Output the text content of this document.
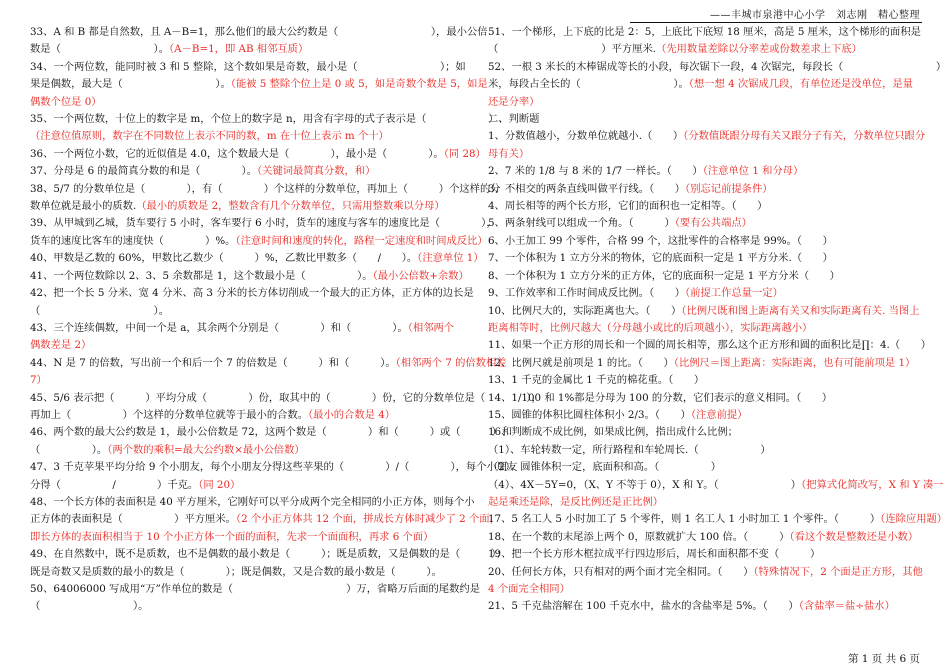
——丰城市泉港中心小学　刘志刚　精心整理
33、A 和 B 都是自然数，且 A－B=1，那么他们的最大公约数是（　　　　　　　　　），最小公倍
数是（　　　　　　　　　）。（A－B=1，即 AB 相邻互质）
34、一个两位数，能同时被 3 和 5 整除，这个数如果是奇数，最小是（　　　　　　　　）；如
果是偶数，最大是（　　　　　　　　　）。（能被 5 整除个位上是 0 或 5，如是奇数个数是 5，如是
偶数个位是 0）
35、一个两位数，十位上的数字是 m，个位上的数字是 n，用含有字母的式子表示是（　　　　　　）.
（注意位值原则，数字在不同数位上表示不同的数，m 在十位上表示 m 个十）
36、一个两位小数，它的近似值是 4.0，这个数最大是（　　　　），最小是（　　　　）。（同 28）
37、分母是 6 的最简真分数的和是（　　　　）。（关键词最简真分数，和）
38、5/7 的分数单位是（　　　　），有（　　　　）个这样的分数单位，再加上（　　　）个这样的分
数单位就是最小的质数.（最小的质数是 2，整数含有几个分数单位，只需用整数乘以分母）
39、从甲城到乙城，货车要行 5 小时，客车要行 6 小时，货车的速度与客车的速度比是（　　　　），
货车的速度比客车的速度快（　　　　）%。（注意时间和速度的转化，路程一定速度和时间成反比）
40、甲数是乙数的 60%，甲数比乙数少（　　　）%，乙数比甲数多（　　/　　）。（注意单位 1）
41、一个两位数除以 2、3、5 余数都是 1，这个数最小是（　　　　　）。（最小公倍数+余数）
42、把一个长 5 分米、宽 4 分米、高 3 分米的长方体切削成一个最大的正方体，正方体的边长是
（　　　　　　　　　　　）。
43、三个连续偶数，中间一个是 a，其余两个分别是（　　　　）和（　　　　）。（相邻两个
偶数差是 2）
44、N 是 7 的倍数，写出前一个和后一个 7 的倍数是（　　　）和（　　　）。（相邻两个 7 的倍数相差
7）
45、5/6 表示把（　　　）平均分成（　　　　）份，取其中的（　　　　）份，它的分数单位是（　　　　），
再加上（　　　　　）个这样的分数单位就等于最小的合数。（最小的合数是 4）
46、两个数的最大公约数是 1，最小公倍数是 72，这两个数是（　　　　）和（　　　）或（　　　）和
（　　　　　）。（两个数的乘积=最大公约数×最小公倍数）
47、3 千克苹果平均分给 9 个小朋友，每个小朋友分得这些苹果的（　　　　）/（　　　　），每个小朋友
分得（　　　　　/　　　　）千克。（同 20）
48、一个长方体的表面积是 40 平方厘米，它刚好可以平分成两个完全相同的小正方体，则每个小
正方体的表面积是（　　　　　）平方厘米。（2 个小正方体共 12 个面，拼成长方体时减少了 2 个面，
即长方体的表面积相当于 10 个小正方体一个面的面积，先求一个面面积，再求 6 个面）
49、在自然数中，既不是质数，也不是偶数的最小数是（　　　）；既是质数，又是偶数的是（　　　）；
既是奇数又是质数的最小的数是（　　　　）；既是偶数，又是合数的最小数是（　　　）。
50、64006000 写成用“万”作单位的数是（　　　　　　　　　　　）万，省略万后面的尾数约是
（　　　　　　　　　）。
51、一个梯形，上下底的比是 2：5，上底比下底短 18 厘米，高是 5 厘米，这个梯形的面积是
（　　　　　　　　　　）平方厘米.（先用数量差除以分率差或份数差求上下底）
52、一根 3 米长的木棒锯成等长的小段，每次锯下一段，4 次锯完，每段长（　　　　　　　　　）
米，每段占全长的（　　　　　　　　　）。（想一想 4 次锯成几段，有单位还是没单位，是量
还是分率）
二、判断题
1、分数值越小，分数单位就越小.（　　）（分数值既跟分母有关又跟分子有关，分数单位只跟分
母有关）
2、7 米的 1/8 与 8 米的 1/7 一样长。（　　）（注意单位 1 和分母）
3、不相交的两条直线叫做平行线。（　　）（别忘记前提条件）
4、周长相等的两个长方形，它们的面积也一定相等。（　　）
5、两条射线可以组成一个角。（　　　）（要有公共端点）
6、小王加工 99 个零件，合格 99 个，这批零件的合格率是 99%。（　　）
7、一个体积为 1 立方分米的物体，它的底面积一定是 1 平方分米.（　　）
8、一个体积为 1 立方分米的正方体，它的底面积一定是 1 平方分米（　　）
9、工作效率和工作时间成反比例。（　　）（前提工作总量一定）
10、比例尺大的，实际距离也大。（　　）（比例尺既和图上距离有关又和实际距离有关. 当图上
距离相等时，比例尺越大（分母越小或比的后项越小），实际距离越小）
11、如果一个正方形的周长和一个圆的周长相等，那么这个正方形和圆的面积比是∏：4.（　　）
12、比例尺就是前项是 1 的比。（　　）（比例尺＝图上距离：实际距离，也有可能前项是 1）
13、1 千克的金属比 1 千克的棉花重。（　　）
14、1/100 和 1%都是分母为 100 的分数，它们表示的意义相同。（　　）
15、圆锥的体积比圆柱体积小 2/3。（　　）（注意前提）
16、判断成不成比例，如果成比例，指出成什么比例；
（1）、车轮转数一定，所行路程和车轮周长.（　　　　　　）
（2）、圆锥体积一定，底面积和高。（　　　　　）
（4）、4X－5Y=0，（X、Y 不等于 0），X 和 Y。（　　　　　　　）（把算式化简改写，X 和 Y 凑一
起是乘还是除，是反比例还是正比例）
17、5 名工人 5 小时加工了 5 个零件，则 1 名工人 1 小时加工 1 个零件。（　　　）（连除应用题）
18、在一个数的末尾添上两个 0，原数就扩大 100 倍。（　　　）（看这个数是整数还是小数）
19、把一个长方形木框拉成平行四边形后，周长和面积都不变（　　　）
20、任何长方体，只有相对的两个面才完全相同。（　　）（特殊情况下，2 个面是正方形，其他
4 个面完全相同）
21、5 千克盐溶解在 100 千克水中，盐水的含盐率是 5%。（　　）（含盐率＝盐÷盐水）
第 1 页 共 6 页
